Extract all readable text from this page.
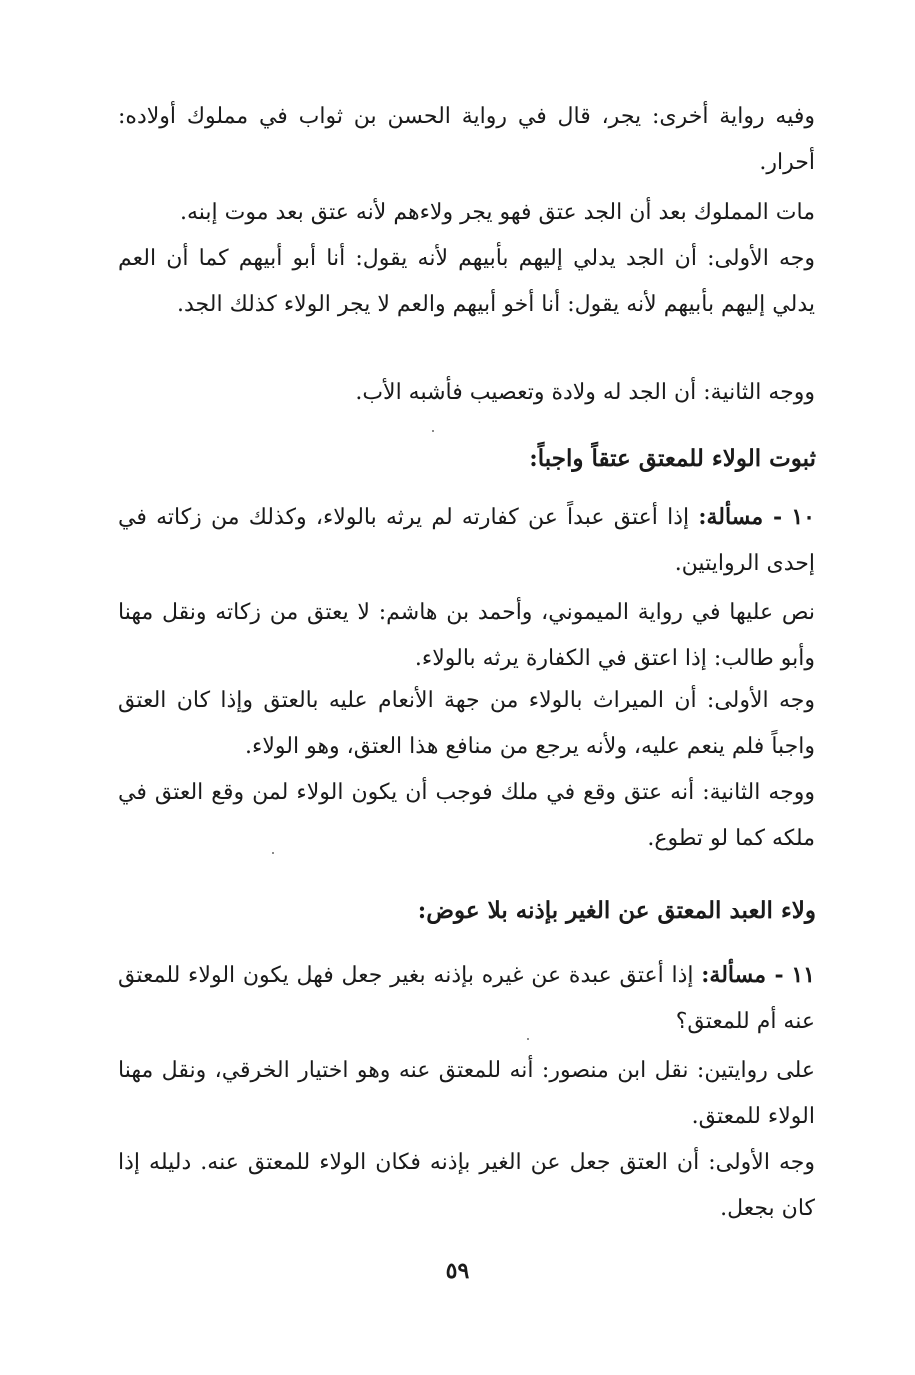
وفيه رواية أخرى: يجر، قال في رواية الحسن بن ثواب في مملوك أولاده: أحرار.

مات المملوك بعد أن الجد عتق فهو يجر ولاءهم لأنه عتق بعد موت إبنه.

وجه الأولى: أن الجد يدلي إليهم بأبيهم لأنه يقول: أنا أبو أبيهم كما أن العم يدلي إليهم بأبيهم لأنه يقول: أنا أخو أبيهم والعم لا يجر الولاء كذلك الجد.

ووجه الثانية: أن الجد له ولادة وتعصيب فأشبه الأب.

ثبوت الولاء للمعتق عتقاً واجباً:

١٠ - مسألة: إذا أعتق عبداً عن كفارته لم يرثه بالولاء، وكذلك من زكاته في إحدى الروايتين.

نص عليها في رواية الميموني، وأحمد بن هاشم: لا يعتق من زكاته ونقل مهنا وأبو طالب: إذا اعتق في الكفارة يرثه بالولاء.

وجه الأولى: أن الميراث بالولاء من جهة الأنعام عليه بالعتق وإذا كان العتق واجباً فلم ينعم عليه، ولأنه يرجع من منافع هذا العتق، وهو الولاء.

ووجه الثانية: أنه عتق وقع في ملك فوجب أن يكون الولاء لمن وقع العتق في ملكه كما لو تطوع.

ولاء العبد المعتق عن الغير بإذنه بلا عوض:

١١ - مسألة: إذا أعتق عبدة عن غيره بإذنه بغير جعل فهل يكون الولاء للمعتق عنه أم للمعتق؟

على روايتين: نقل ابن منصور: أنه للمعتق عنه وهو اختيار الخرقي، ونقل مهنا الولاء للمعتق.

وجه الأولى: أن العتق جعل عن الغير بإذنه فكان الولاء للمعتق عنه. دليله إذا كان بجعل.

٥٩
